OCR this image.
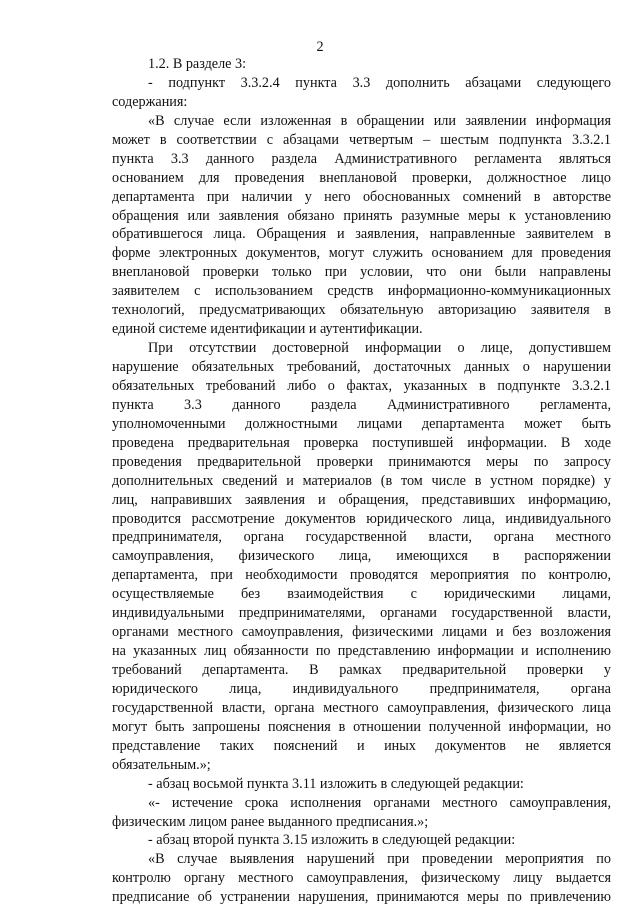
2
1.2. В разделе 3:
- подпункт 3.3.2.4 пункта 3.3 дополнить абзацами следующего
содержания:
«В случае если изложенная в обращении или заявлении информация
может в соответствии с абзацами четвертым – шестым подпункта 3.3.2.1
пункта 3.3 данного раздела Административного регламента являться
основанием для проведения внеплановой проверки, должностное лицо
департамента при наличии у него обоснованных сомнений в авторстве
обращения или заявления обязано принять разумные меры к установлению
обратившегося лица. Обращения и заявления, направленные заявителем в
форме электронных документов, могут служить основанием для проведения
внеплановой проверки только при условии, что они были направлены
заявителем с использованием средств информационно-коммуникационных
технологий, предусматривающих обязательную авторизацию заявителя в
единой системе идентификации и аутентификации.
При отсутствии достоверной информации о лице, допустившем
нарушение обязательных требований, достаточных данных о нарушении
обязательных требований либо о фактах, указанных в подпункте 3.3.2.1
пункта 3.3 данного раздела Административного регламента,
уполномоченными должностными лицами департамента может быть
проведена предварительная проверка поступившей информации. В ходе
проведения предварительной проверки принимаются меры по запросу
дополнительных сведений и материалов (в том числе в устном порядке) у
лиц, направивших заявления и обращения, представивших информацию,
проводится рассмотрение документов юридического лица, индивидуального
предпринимателя, органа государственной власти, органа местного
самоуправления, физического лица, имеющихся в распоряжении
департамента, при необходимости проводятся мероприятия по контролю,
осуществляемые без взаимодействия с юридическими лицами,
индивидуальными предпринимателями, органами государственной власти,
органами местного самоуправления, физическими лицами и без возложения
на указанных лиц обязанности по представлению информации и исполнению
требований департамента. В рамках предварительной проверки у
юридического лица, индивидуального предпринимателя, органа
государственной власти, органа местного самоуправления, физического лица
могут быть запрошены пояснения в отношении полученной информации, но
представление таких пояснений и иных документов не является
обязательным.»;
- абзац восьмой пункта 3.11 изложить в следующей редакции:
«- истечение срока исполнения органами местного самоуправления,
физическим лицом ранее выданного предписания.»;
- абзац второй пункта 3.15 изложить в следующей редакции:
«В случае выявления нарушений при проведении мероприятия по
контролю органу местного самоуправления, физическому лицу выдается
предписание об устранении нарушения, принимаются меры по привлечению
